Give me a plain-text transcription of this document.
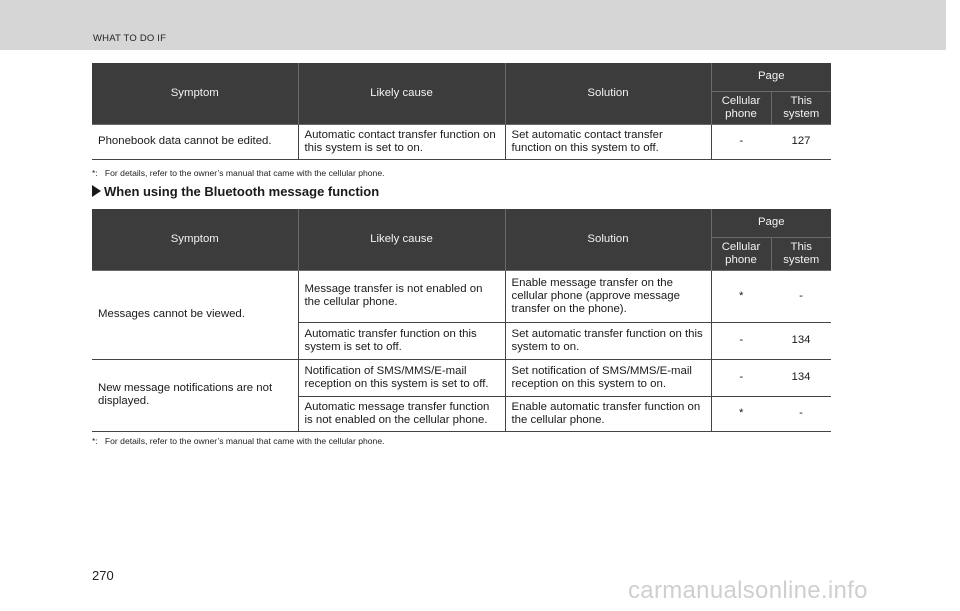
WHAT TO DO IF
Symptom	Likely cause	Solution	Page	
			Cellular phone	This system
Phonebook data cannot be edited.	Automatic contact transfer function on this system is set to on.	Set automatic contact transfer function on this system to off.	-	127
*:   For details, refer to the owner’s manual that came with the cellular phone.
When using the Bluetooth message function
Symptom	Likely cause	Solution	Page	
			Cellular phone	This system
Messages cannot be viewed.	Message transfer is not enabled on the cellular phone.	Enable message transfer on the cellular phone (approve message transfer on the phone).	*	-
	Automatic transfer function on this system is set to off.	Set automatic transfer function on this system to on.	-	134
New message notifications are not displayed.	Notification of SMS/MMS/E-mail reception on this system is set to off.	Set notification of SMS/MMS/E-mail reception on this system to on.	-	134
	Automatic message transfer function is not enabled on the cellular phone.	Enable automatic transfer function on the cellular phone.	*	-
*:   For details, refer to the owner’s manual that came with the cellular phone.
270
carmanualsonline.info
